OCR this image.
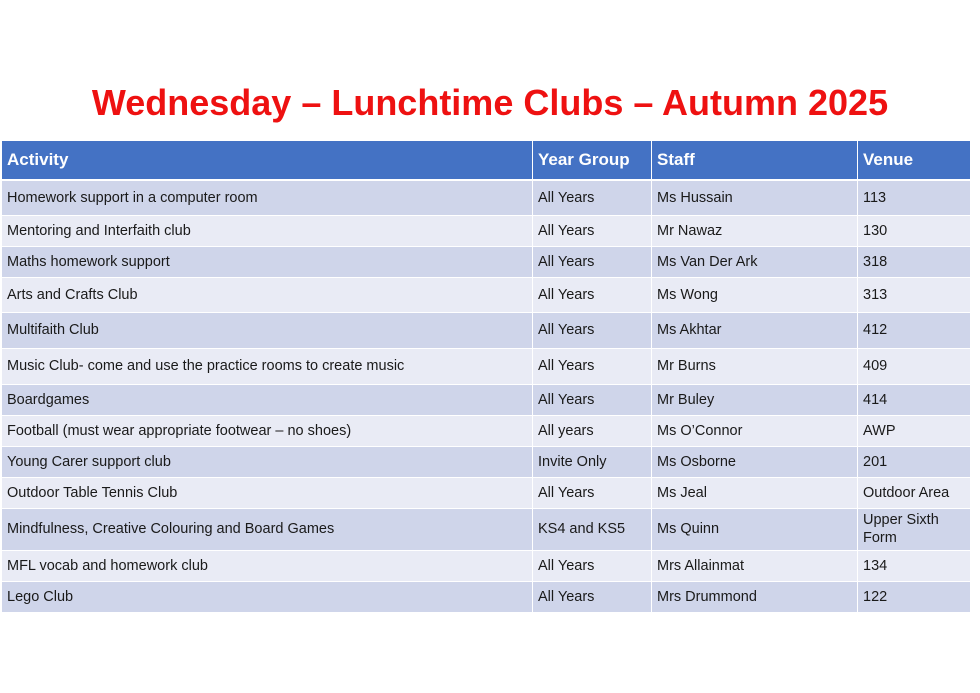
Wednesday – Lunchtime Clubs – Autumn 2025
Activity	Year Group	Staff	Venue
Homework support in a computer room	All Years	Ms Hussain	113
Mentoring and Interfaith club	All Years	Mr Nawaz	130
Maths homework support	All Years	Ms Van Der Ark	318
Arts and Crafts Club	All Years	Ms Wong	313
Multifaith Club	All Years	Ms Akhtar	412
Music Club- come and use the practice rooms to create music	All Years	Mr Burns	409
Boardgames	All Years	Mr Buley	414
Football (must wear appropriate footwear – no shoes)	All years	Ms O’Connor	AWP
Young Carer support club	Invite Only	Ms Osborne	201
Outdoor Table Tennis Club	All Years	Ms Jeal	Outdoor Area
Mindfulness, Creative Colouring and Board Games	KS4 and KS5	Ms Quinn	Upper Sixth Form
MFL vocab and homework club	All Years	Mrs Allainmat	134
Lego Club	All Years	Mrs Drummond	122
